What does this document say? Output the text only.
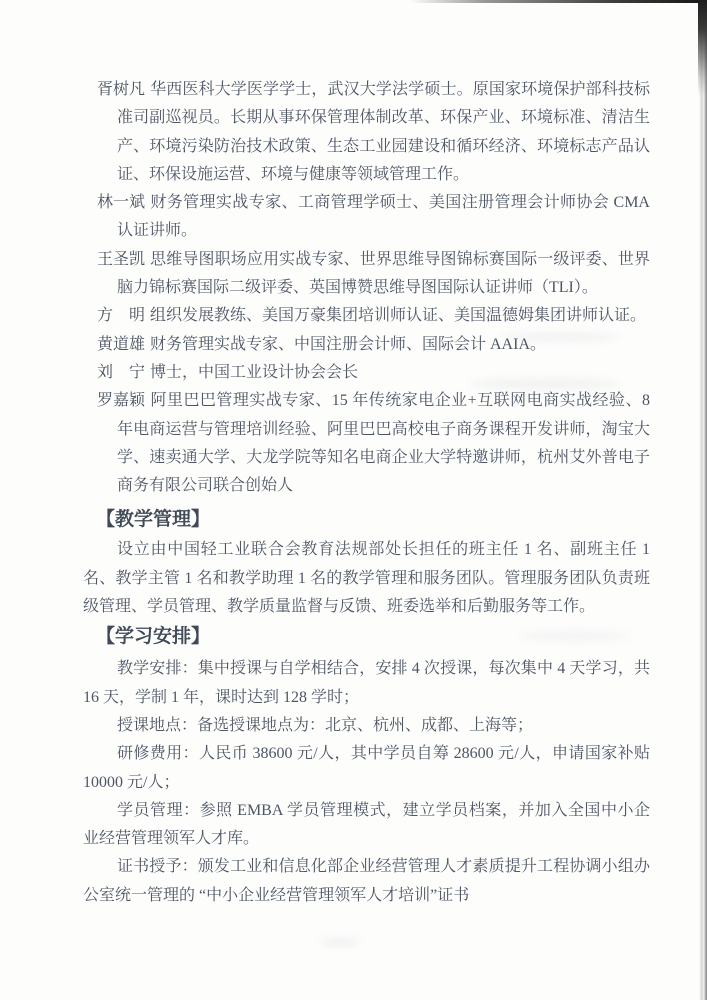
胥树凡 华西医科大学医学学士，武汉大学法学硕士。原国家环境保护部科技标准司副巡视员。长期从事环保管理体制改革、环保产业、环境标准、清洁生产、环境污染防治技术政策、生态工业园建设和循环经济、环境标志产品认证、环保设施运营、环境与健康等领域管理工作。

林一斌 财务管理实战专家、工商管理学硕士、美国注册管理会计师协会 CMA 认证讲师。

王圣凯 思维导图职场应用实战专家、世界思维导图锦标赛国际一级评委、世界脑力锦标赛国际二级评委、英国博赞思维导图国际认证讲师（TLI）。

方　明 组织发展教练、美国万豪集团培训师认证、美国温德姆集团讲师认证。

黄道雄 财务管理实战专家、中国注册会计师、国际会计 AAIA。

刘　宁 博士，中国工业设计协会会长

罗嘉颖 阿里巴巴管理实战专家、15 年传统家电企业+互联网电商实战经验、8 年电商运营与管理培训经验、阿里巴巴高校电子商务课程开发讲师，淘宝大学、速卖通大学、大龙学院等知名电商企业大学特邀讲师，杭州艾外普电子商务有限公司联合创始人

【教学管理】

设立由中国轻工业联合会教育法规部处长担任的班主任 1 名、副班主任 1 名、教学主管 1 名和教学助理 1 名的教学管理和服务团队。管理服务团队负责班级管理、学员管理、教学质量监督与反馈、班委选举和后勤服务等工作。

【学习安排】

教学安排：集中授课与自学相结合，安排 4 次授课，每次集中 4 天学习，共 16 天，学制 1 年，课时达到 128 学时；

授课地点：备选授课地点为：北京、杭州、成都、上海等；

研修费用：人民币 38600 元/人，其中学员自筹 28600 元/人，申请国家补贴 10000 元/人；

学员管理：参照 EMBA 学员管理模式，建立学员档案，并加入全国中小企业经营管理领军人才库。

证书授予：颁发工业和信息化部企业经营管理人才素质提升工程协调小组办公室统一管理的 “中小企业经营管理领军人才培训”证书
